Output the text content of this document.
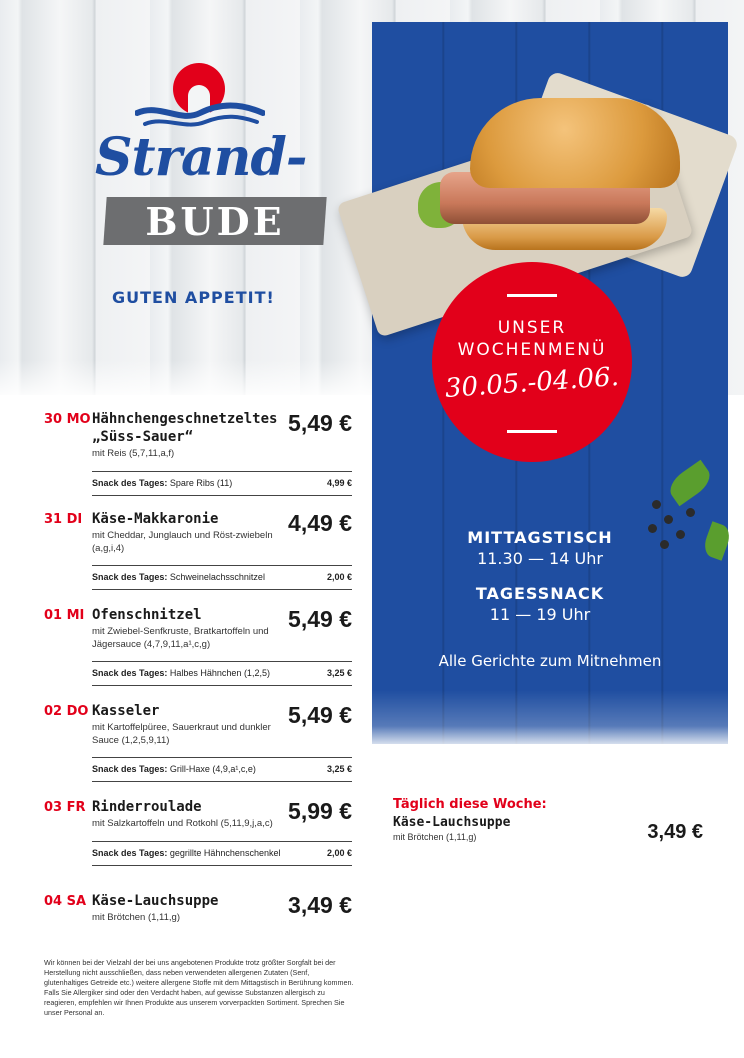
Strand-
BUDE
GUTEN APPETIT!
UNSER
WOCHENMENÜ
30.05.-04.06.
MITTAGSTISCH
11.30 — 14 Uhr
TAGESSNACK
11 — 19 Uhr
Alle Gerichte zum Mitnehmen
30 MO Hähnchengeschnetzeltes „Süss-Sauer“
mit Reis (5,7,11,a,f)
5,49 €
Snack des Tages: Spare Ribs (11)	4,99 €
31 DI Käse-Makkaronie
mit Cheddar, Junglauch und Röst-zwiebeln (a,g,i,4)
4,49 €
Snack des Tages: Schweinelachsschnitzel	2,00 €
01 MI Ofenschnitzel
mit Zwiebel-Senfkruste, Bratkartoffeln und Jägersauce (4,7,9,11,a¹,c,g)
5,49 €
Snack des Tages: Halbes Hähnchen (1,2,5)	3,25 €
02 DO Kasseler
mit Kartoffelpüree, Sauerkraut und dunkler Sauce (1,2,5,9,11)
5,49 €
Snack des Tages: Grill-Haxe (4,9,a¹,c,e)	3,25 €
03 FR Rinderroulade
mit Salzkartoffeln und Rotkohl (5,11,9,j,a,c) 5,99 €
Snack des Tages: gegrillte Hähnchenschenkel	2,00 €
04 SA Käse-Lauchsuppe
mit Brötchen (1,11,g)	3,49 €
Täglich diese Woche:
Käse-Lauchsuppe
mit Brötchen (1,11,g)	3,49 €
Wir können bei der Vielzahl der bei uns angebotenen Produkte trotz größter Sorgfalt bei der Herstellung nicht ausschließen, dass neben verwendeten allergenen Zutaten (Senf, glutenhaltiges Getreide etc.) weitere allergene Stoffe mit dem Mittagstisch in Berührung kommen. Falls Sie Allergiker sind oder den Verdacht haben, auf gewisse Substanzen allergisch zu reagieren, empfehlen wir Ihnen Produkte aus unserem vorverpackten Sortiment. Sprechen Sie unser Personal an.
